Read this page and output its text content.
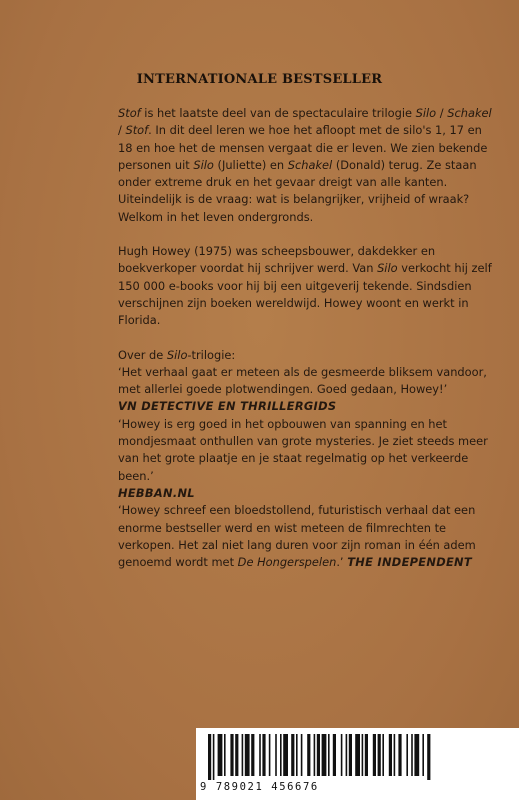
INTERNATIONALE BESTSELLER

Stof is het laatste deel van de spectaculaire trilogie Silo / Schakel / Stof. In dit deel leren we hoe het afloopt met de silo's 1, 17 en 18 en hoe het de mensen vergaat die er leven. We zien bekende personen uit Silo (Juliette) en Schakel (Donald) terug. Ze staan onder extreme druk en het gevaar dreigt van alle kanten. Uiteindelijk is de vraag: wat is belangrijker, vrijheid of wraak? Welkom in het leven ondergronds.

Hugh Howey (1975) was scheepsbouwer, dakdekker en boekverkoper voordat hij schrijver werd. Van Silo verkocht hij zelf 150 000 e-books voor hij bij een uitgeverij tekende. Sindsdien verschijnen zijn boeken wereldwijd. Howey woont en werkt in Florida.

Over de Silo-trilogie:

‘Het verhaal gaat er meteen als de gesmeerde bliksem vandoor, met allerlei goede plotwendingen. Goed gedaan, Howey!’

VN DETECTIVE EN THRILLERGIDS

‘Howey is erg goed in het opbouwen van spanning en het mondjesmaat onthullen van grote mysteries. Je ziet steeds meer van het grote plaatje en je staat regelmatig op het verkeerde been.’

HEBBAN.NL

‘Howey schreef een bloedstollend, futuristisch verhaal dat een enorme bestseller werd en wist meteen de filmrechten te verkopen. Het zal niet lang duren voor zijn roman in één adem genoemd wordt met De Hongerspelen.’ THE INDEPENDENT

9 789021 456676
